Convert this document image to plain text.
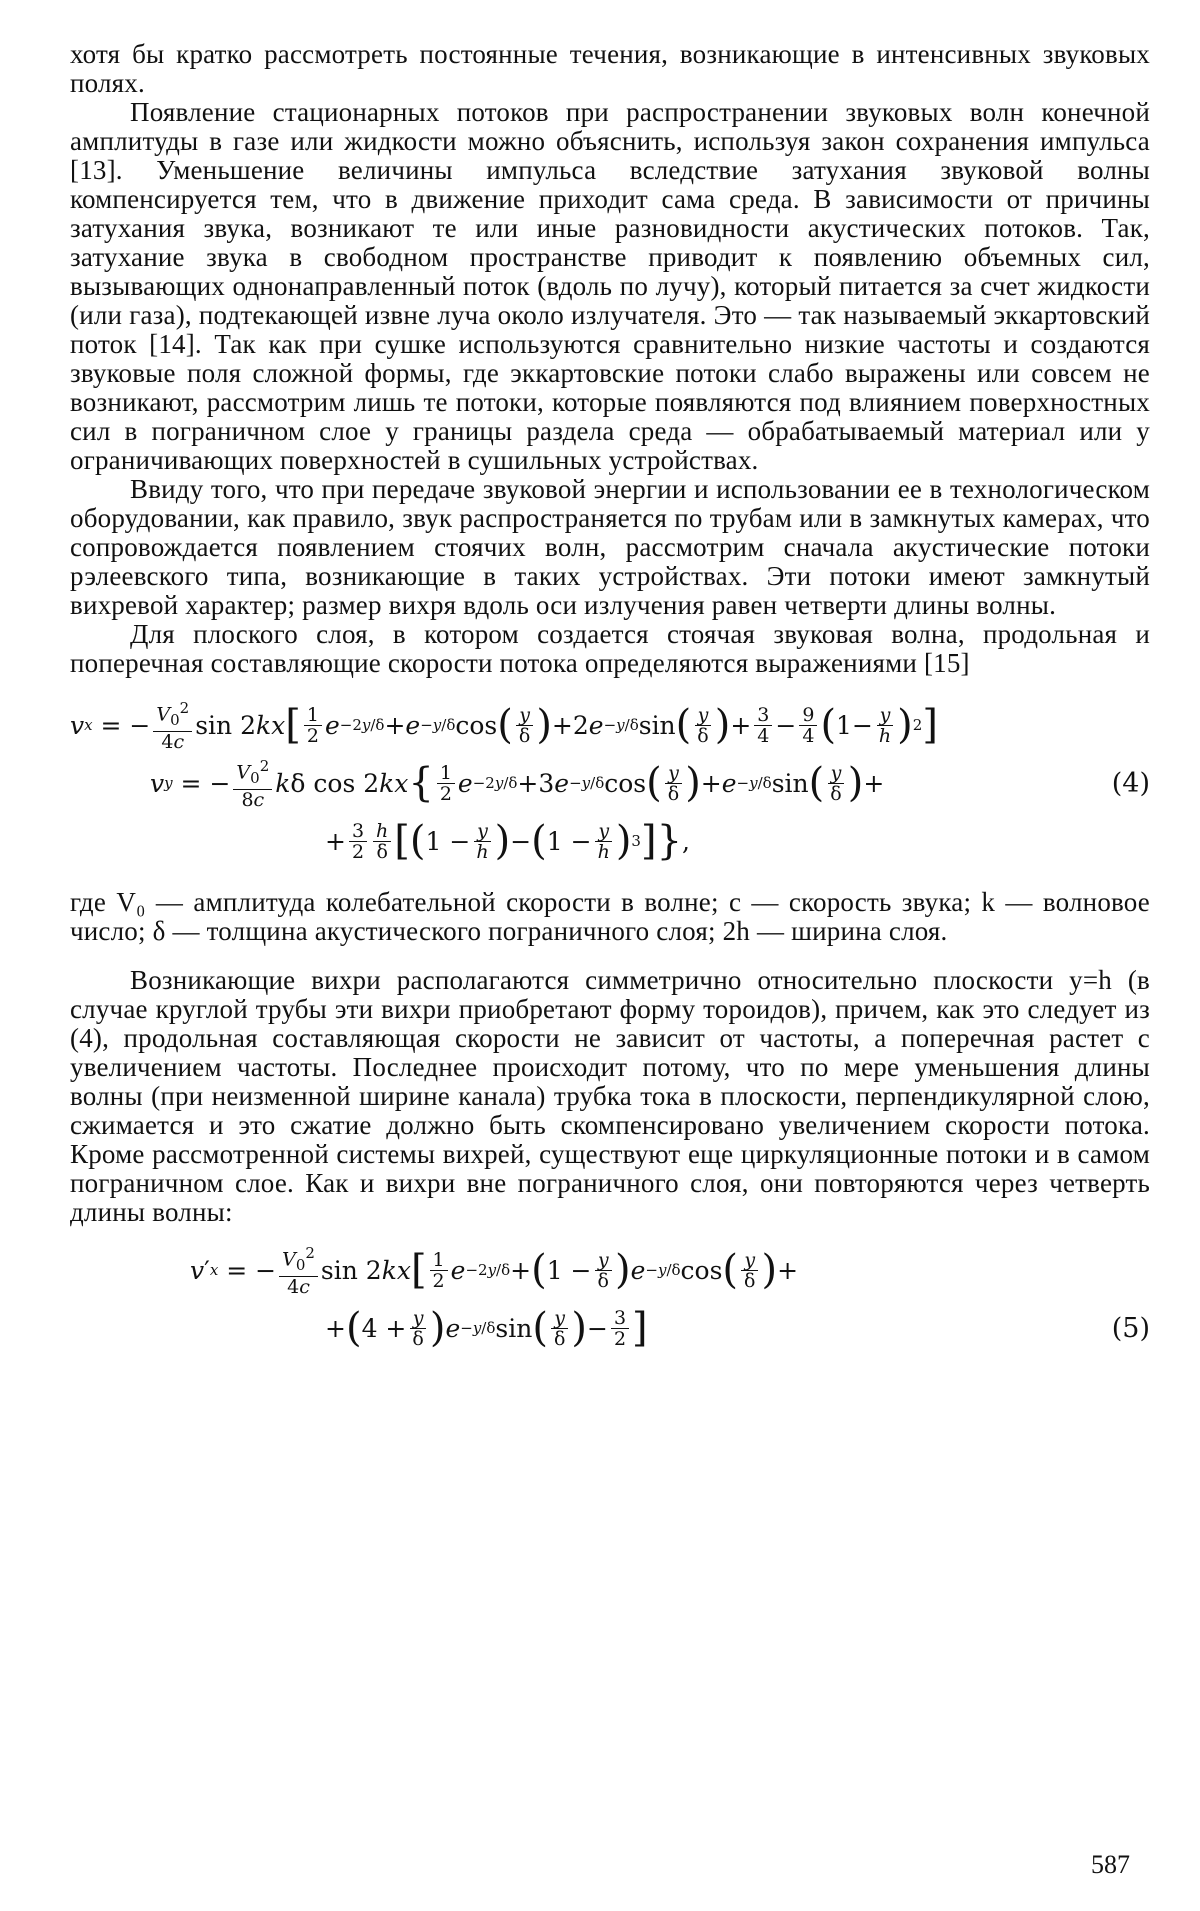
хотя бы кратко рассмотреть постоянные течения, возникающие в интенсивных звуковых полях.

Появление стационарных потоков при распространении звуковых волн конечной амплитуды в газе или жидкости можно объяснить, используя закон сохранения импульса [13]. Уменьшение величины импульса вследствие затухания звуковой волны компенсируется тем, что в движение приходит сама среда. В зависимости от причины затухания звука, возникают те или иные разновидности акустических потоков. Так, затухание звука в свободном пространстве приводит к появлению объемных сил, вызывающих однонаправленный поток (вдоль по лучу), который питается за счет жидкости (или газа), подтекающей извне луча около излучателя. Это — так называемый эккартовский поток [14]. Так как при сушке используются сравнительно низкие частоты и создаются звуковые поля сложной формы, где эккартовские потоки слабо выражены или совсем не возникают, рассмотрим лишь те потоки, которые появляются под влиянием поверхностных сил в пограничном слое у границы раздела среда — обрабатываемый материал или у ограничивающих поверхностей в сушильных устройствах.

Ввиду того, что при передаче звуковой энергии и использовании ее в технологическом оборудовании, как правило, звук распространяется по трубам или в замкнутых камерах, что сопровождается появлением стоячих волн, рассмотрим сначала акустические потоки рэлеевского типа, возникающие в таких устройствах. Эти потоки имеют замкнутый вихревой характер; размер вихря вдоль оси излучения равен четверти длины волны.

Для плоского слоя, в котором создается стоячая звуковая волна, продольная и поперечная составляющие скорости потока определяются выражениями [15]

v x = − $\frac{V_0^2}{4c}$ sin 2 kx [ $\frac{1}{2}$ e −2y/δ + e −y/δ cos ( $\frac{y}{\delta}$ ) +2 e −y/δ sin ( $\frac{y}{\delta}$ ) + $\frac{3}{4} - \frac{9}{4}$ ( $1- \frac{y}{h}$ ) 2 ]
v y = − $\frac{V_0^2}{8c}$ k δ cos 2 kx { $\frac{1}{2}$ e −2y/δ +3 e −y/δ cos ( $\frac{y}{\delta}$ ) + e −y/δ sin ( $\frac{y}{\delta}$ ) +	(4)
+ $\frac{3}{2} \frac{h}{\delta}$ [ ( $1 - \frac{y}{h}$ ) − ( $1 - \frac{y}{h}$ ) 3 ] } ,

где V₀ — амплитуда колебательной скорости в волне; c — скорость звука; k — волновое число; δ — толщина акустического пограничного слоя; 2h — ширина слоя.

Возникающие вихри располагаются симметрично относительно плоскости y=h (в случае круглой трубы эти вихри приобретают форму тороидов), причем, как это следует из (4), продольная составляющая скорости не зависит от частоты, а поперечная растет с увеличением частоты. Последнее происходит потому, что по мере уменьшения длины волны (при неизменной ширине канала) трубка тока в плоскости, перпендикулярной слою, сжимается и это сжатие должно быть скомпенсировано увеличением скорости потока. Кроме рассмотренной системы вихрей, существуют еще циркуляционные потоки и в самом пограничном слое. Как и вихри вне пограничного слоя, они повторяются через четверть длины волны:

v ′ x = − $\frac{V_0^2}{4c}$ sin 2 kx [ $\frac{1}{2}$ e −2y/δ + ( $1 - \frac{y}{\delta}$ ) e −y/δ cos ( $\frac{y}{\delta}$ ) +
+ ( $4 + \frac{y}{\delta}$ ) e −y/δ sin ( $\frac{y}{\delta}$ ) − $\frac{3}{2}$ ]	(5)
587
